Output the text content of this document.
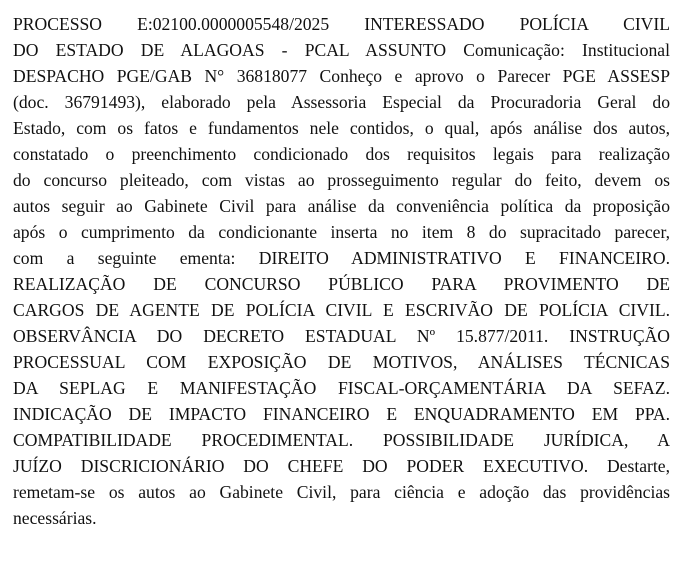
PROCESSO E:02100.0000005548/2025 INTERESSADO POLÍCIA CIVIL
DO ESTADO DE ALAGOAS - PCAL ASSUNTO Comunicação: Institucional
DESPACHO PGE/GAB N° 36818077 Conheço e aprovo o Parecer PGE ASSESP
(doc. 36791493), elaborado pela Assessoria Especial da Procuradoria Geral do
Estado, com os fatos e fundamentos nele contidos, o qual, após análise dos autos,
constatado o preenchimento condicionado dos requisitos legais para realização
do concurso pleiteado, com vistas ao prosseguimento regular do feito, devem os
autos seguir ao Gabinete Civil para análise da conveniência política da proposição
após o cumprimento da condicionante inserta no item 8 do supracitado parecer,
com a seguinte ementa: DIREITO ADMINISTRATIVO E FINANCEIRO.
REALIZAÇÃO DE CONCURSO PÚBLICO PARA PROVIMENTO DE
CARGOS DE AGENTE DE POLÍCIA CIVIL E ESCRIVÃO DE POLÍCIA CIVIL.
OBSERVÂNCIA DO DECRETO ESTADUAL Nº 15.877/2011. INSTRUÇÃO
PROCESSUAL COM EXPOSIÇÃO DE MOTIVOS, ANÁLISES TÉCNICAS
DA SEPLAG E MANIFESTAÇÃO FISCAL-ORÇAMENTÁRIA DA SEFAZ.
INDICAÇÃO DE IMPACTO FINANCEIRO E ENQUADRAMENTO EM PPA.
COMPATIBILIDADE PROCEDIMENTAL. POSSIBILIDADE JURÍDICA, A
JUÍZO DISCRICIONÁRIO DO CHEFE DO PODER EXECUTIVO. Destarte,
remetam-se os autos ao Gabinete Civil, para ciência e adoção das providências
necessárias.
